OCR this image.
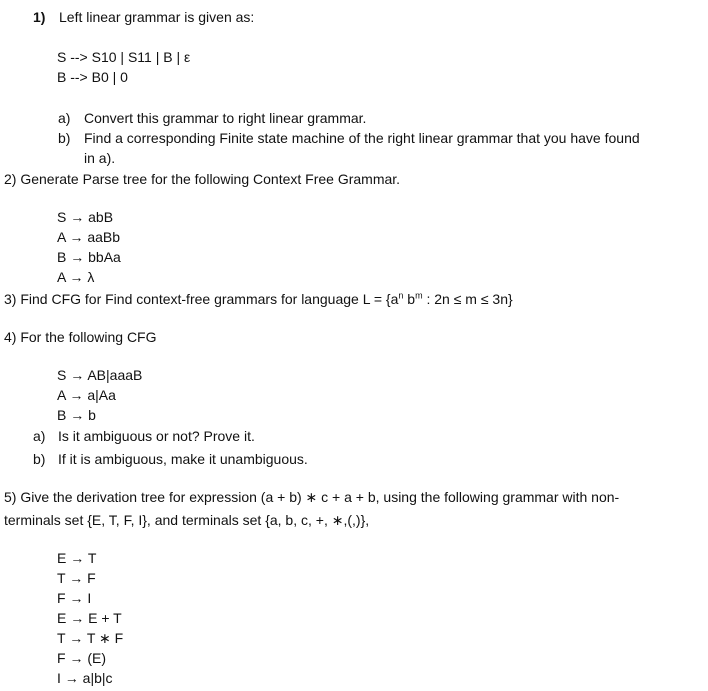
1) Left linear grammar is given as:
S --> S10 | S11 | B | ε
B --> B0 | 0
a) Convert this grammar to right linear grammar.
b) Find a corresponding Finite state machine of the right linear grammar that you have found
in a).
2) Generate Parse tree for the following Context Free Grammar.
S → abB
A → aaBb
B → bbAa
A → λ
3) Find CFG for Find context-free grammars for language $L = \{a^n$ $b^m$ : 2n ≤ m ≤ 3n}
4) For the following CFG
S → AB|aaaB
A → a|Aa
B → b
a) Is it ambiguous or not? Prove it.
b) If it is ambiguous, make it unambiguous.
5) Give the derivation tree for expression (a + b) ∗ c + a + b, using the following grammar with non-
terminals set {E, T, F, I}, and terminals set {a, b, c, +, ∗,(,)},
E → T
T → F
F → I
E → E + T
T → T ∗ F
F → (E)
I → a|b|c
